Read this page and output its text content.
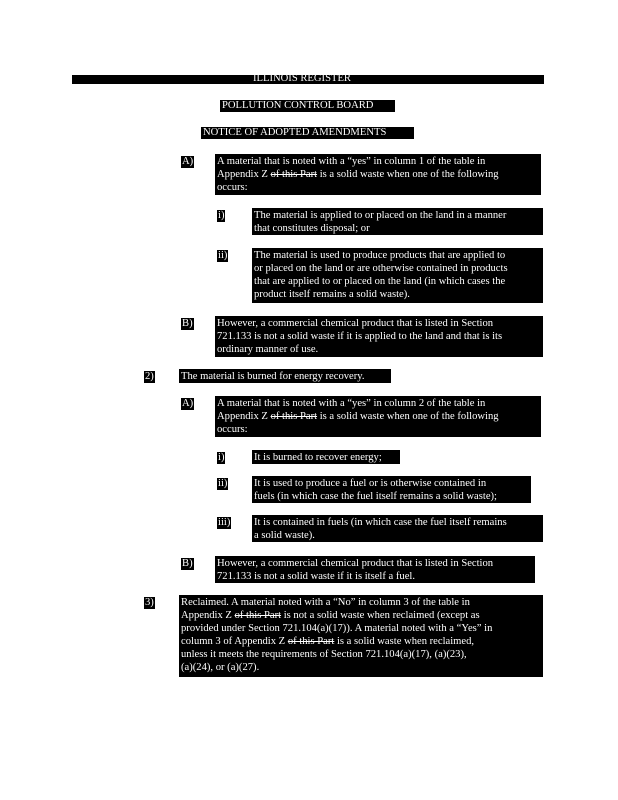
ILLINOIS REGISTER
POLLUTION CONTROL BOARD
NOTICE OF ADOPTED AMENDMENTS
A) A material that is noted with a “yes” in column 1 of the table in
Appendix Z of this Part is a solid waste when one of the following
occurs:
i)	The material is applied to or placed on the land in a manner
that constitutes disposal; or
ii)	The material is used to produce products that are applied to
or placed on the land or are otherwise contained in products
that are applied to or placed on the land (in which cases the
product itself remains a solid waste).
B) However, a commercial chemical product that is listed in Section
721.133 is not a solid waste if it is applied to the land and that is its
ordinary manner of use.
2)	The material is burned for energy recovery.
A) A material that is noted with a “yes” in column 2 of the table in
Appendix Z of this Part is a solid waste when one of the following
occurs:
i)	It is burned to recover energy;
ii)	It is used to produce a fuel or is otherwise contained in
fuels (in which case the fuel itself remains a solid waste);
iii) It is contained in fuels (in which case the fuel itself remains
a solid waste).
B) However, a commercial chemical product that is listed in Section
721.133 is not a solid waste if it is itself a fuel.
3)	Reclaimed. A material noted with a “No” in column 3 of the table in
Appendix Z of this Part is not a solid waste when reclaimed (except as
provided under Section 721.104(a)(17)). A material noted with a “Yes” in
column 3 of Appendix Z of this Part is a solid waste when reclaimed,
unless it meets the requirements of Section 721.104(a)(17), (a)(23),
(a)(24), or (a)(27).
